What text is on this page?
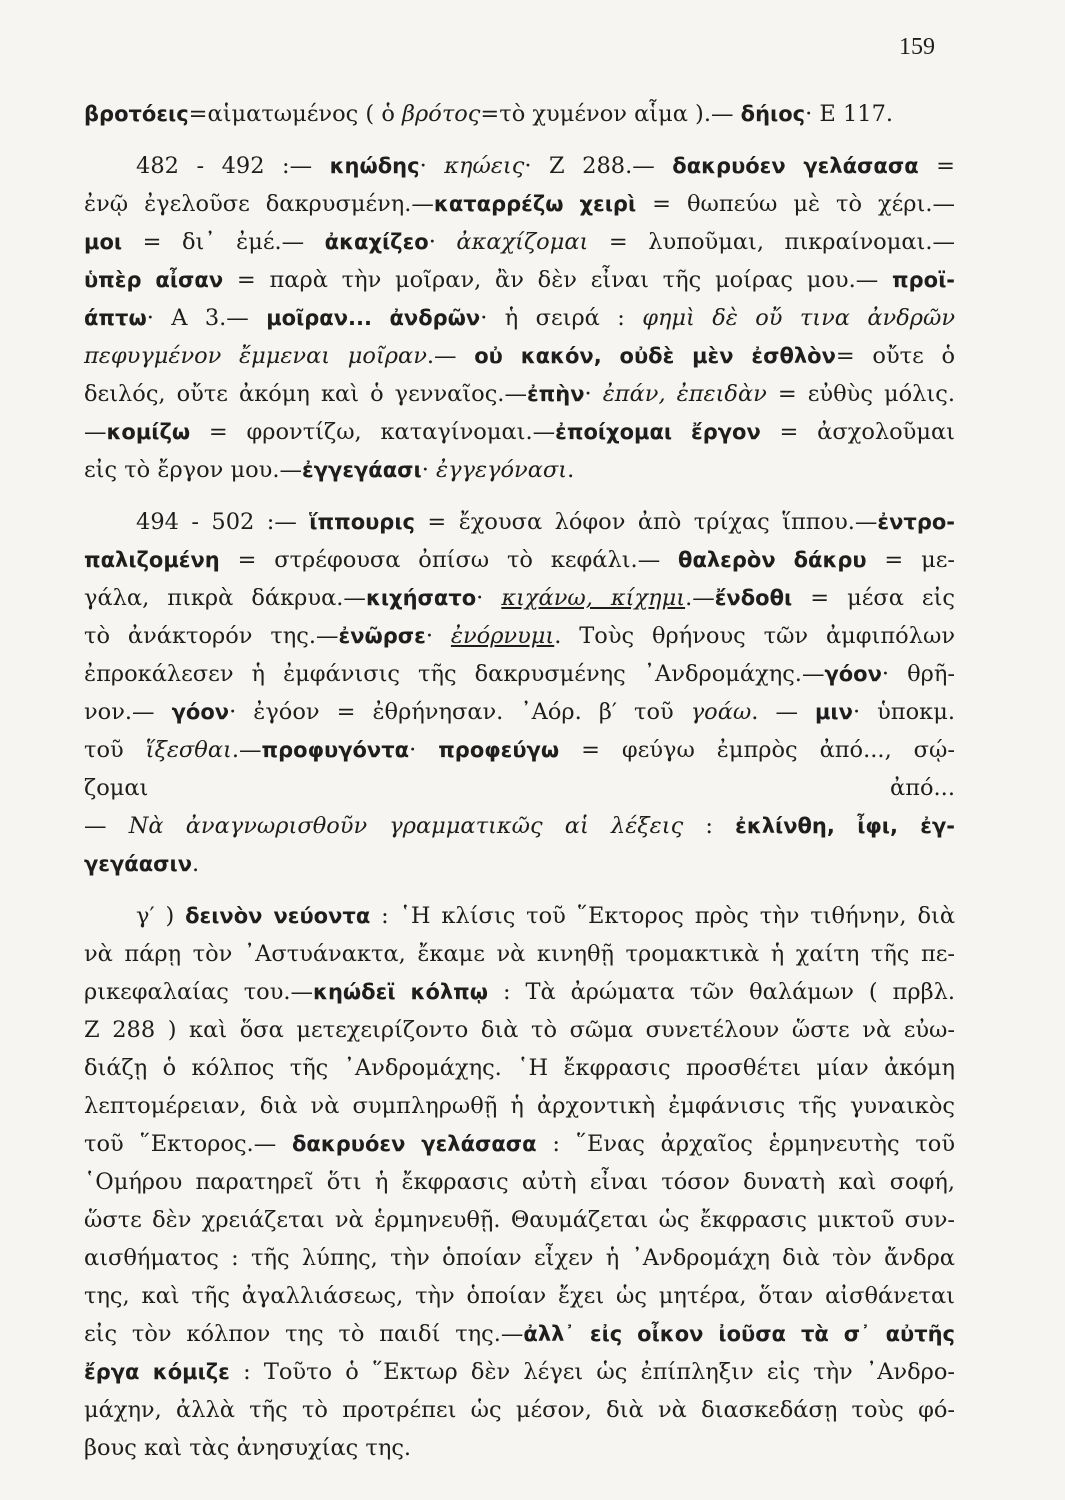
159
βροτόεις=αἱματωμένος ( ὁ βρότος=τὸ χυμένον αἷμα ).— δήιος· Ε 117.
482 - 492 :— κηώδης· κηώεις· Ζ 288.— δακρυόεν γελάσασα =
ἐνῷ ἐγελοῦσε δακρυσμένη.—καταρρέζω χειρὶ = θωπεύω μὲ τὸ χέρι.—
μοι = δι᾽ ἐμέ.— ἀκαχίζεο· ἀκαχίζομαι = λυποῦμαι, πικραίνομαι.—
ὑπὲρ αἶσαν = παρὰ τὴν μοῖραν, ἂν δὲν εἶναι τῆς μοίρας μου.— προϊ-
άπτω· Α 3.— μοῖραν... ἀνδρῶν· ἡ σειρά : φημὶ δὲ οὔ τινα ἀνδρῶν
πεφυγμένον ἔμμεναι μοῖραν.— οὐ κακόν, οὐδὲ μὲν ἐσθλὸν= οὔτε ὁ
δειλός, οὔτε ἀκόμη καὶ ὁ γενναῖος.—ἐπὴν· ἐπάν, ἐπειδὰν = εὐθὺς μόλις.
—κομίζω = φροντίζω, καταγίνομαι.—ἐποίχομαι ἔργον = ἀσχολοῦμαι
εἰς τὸ ἔργον μου.—ἐγγεγάασι· ἐγγεγόνασι.
494 - 502 :— ἵππουρις = ἔχουσα λόφον ἀπὸ τρίχας ἵππου.—ἐντρο-
παλιζομένη = στρέφουσα ὀπίσω τὸ κεφάλι.— θαλερὸν δάκρυ = με-
γάλα, πικρὰ δάκρυα.—κιχήσατο· κιχάνω, κίχημι.—ἔνδοθι = μέσα εἰς
τὸ ἀνάκτορόν της.—ἐνῶρσε· ἐνόρνυμι. Τοὺς θρήνους τῶν ἀμφιπόλων
ἐπροκάλεσεν ἡ ἐμφάνισις τῆς δακρυσμένης ᾽Ανδρομάχης.—γόον· θρῆ-
νον.— γόον· ἐγόον = ἐθρήνησαν. ᾽Αόρ. β′ τοῦ γοάω. — μιν· ὑποκμ.
τοῦ ἵξεσθαι.—προφυγόντα· προφεύγω = φεύγω ἐμπρὸς ἀπό..., σῴ-
ζομαι ἀπό...
— Νὰ ἀναγνωρισθοῦν γραμματικῶς αἱ λέξεις : ἐκλίνθη, ἶφι, ἐγ-
γεγάασιν.
γ′ ) δεινὸν νεύοντα : ῾Η κλίσις τοῦ ῞Εκτορος πρὸς τὴν τιθήνην, διὰ
νὰ πάρῃ τὸν ᾽Αστυάνακτα, ἔκαμε νὰ κινηθῇ τρομακτικὰ ἡ χαίτη τῆς πε-
ρικεφαλαίας του.—κηώδεϊ κόλπῳ : Τὰ ἀρώματα τῶν θαλάμων ( πρβλ.
Ζ 288 ) καὶ ὅσα μετεχειρίζοντο διὰ τὸ σῶμα συνετέλουν ὥστε νὰ εὐω-
διάζῃ ὁ κόλπος τῆς ᾽Ανδρομάχης. ῾Η ἔκφρασις προσθέτει μίαν ἀκόμη
λεπτομέρειαν, διὰ νὰ συμπληρωθῇ ἡ ἀρχοντικὴ ἐμφάνισις τῆς γυναικὸς
τοῦ ῞Εκτορος.— δακρυόεν γελάσασα : ῞Ενας ἀρχαῖος ἑρμηνευτὴς τοῦ
῾Ομήρου παρατηρεῖ ὅτι ἡ ἔκφρασις αὐτὴ εἶναι τόσον δυνατὴ καὶ σοφή,
ὥστε δὲν χρειάζεται νὰ ἑρμηνευθῇ. Θαυμάζεται ὡς ἔκφρασις μικτοῦ συν-
αισθήματος : τῆς λύπης, τὴν ὁποίαν εἶχεν ἡ ᾽Ανδρομάχη διὰ τὸν ἄνδρα
της, καὶ τῆς ἀγαλλιάσεως, τὴν ὁποίαν ἔχει ὡς μητέρα, ὅταν αἰσθάνεται
εἰς τὸν κόλπον της τὸ παιδί της.—ἀλλ᾽ εἰς οἶκον ἰοῦσα τὰ σ᾽ αὐτῆς
ἔργα κόμιζε : Τοῦτο ὁ ῞Εκτωρ δὲν λέγει ὡς ἐπίπληξιν εἰς τὴν ᾽Ανδρο-
μάχην, ἀλλὰ τῆς τὸ προτρέπει ὡς μέσον, διὰ νὰ διασκεδάσῃ τοὺς φό-
βους καὶ τὰς ἀνησυχίας της.
